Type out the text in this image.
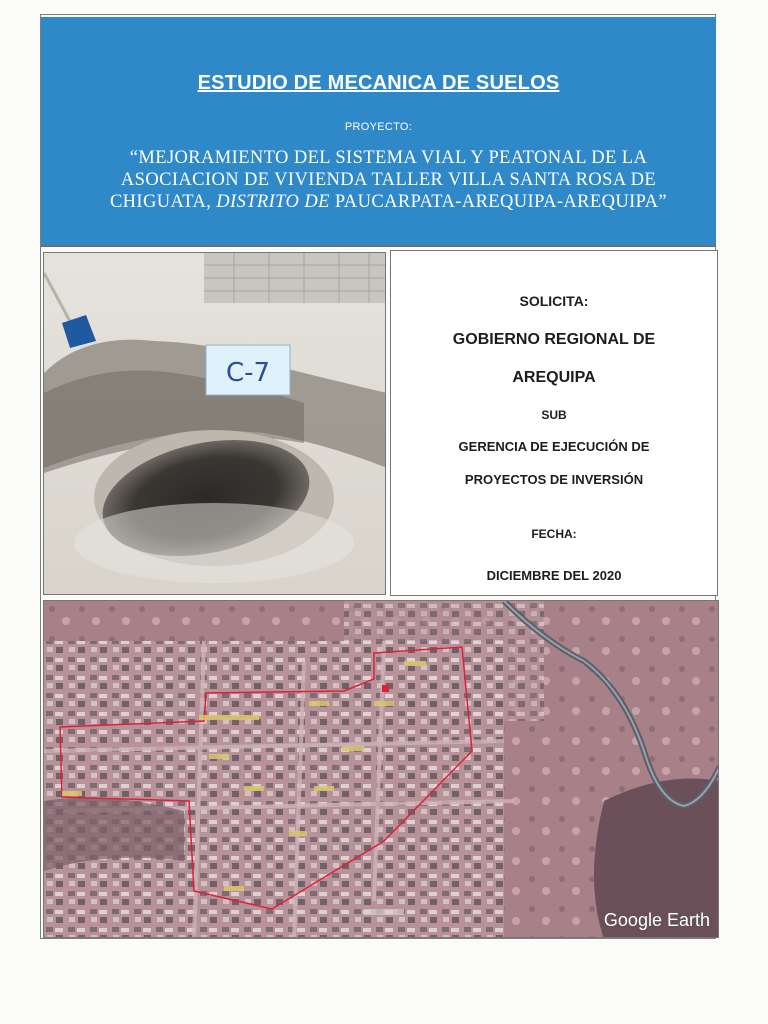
ESTUDIO DE MECANICA DE SUELOS
PROYECTO:
“MEJORAMIENTO DEL SISTEMA VIAL Y PEATONAL DE LA ASOCIACION DE VIVIENDA TALLER VILLA SANTA ROSA DE CHIGUATA, DISTRITO DE PAUCARPATA-AREQUIPA-AREQUIPA”
C-7
SOLICITA:
GOBIERNO REGIONAL DE
AREQUIPA
SUB
GERENCIA DE EJECUCIÓN DE
PROYECTOS DE INVERSIÓN
FECHA:
DICIEMBRE DEL 2020
Google Earth
